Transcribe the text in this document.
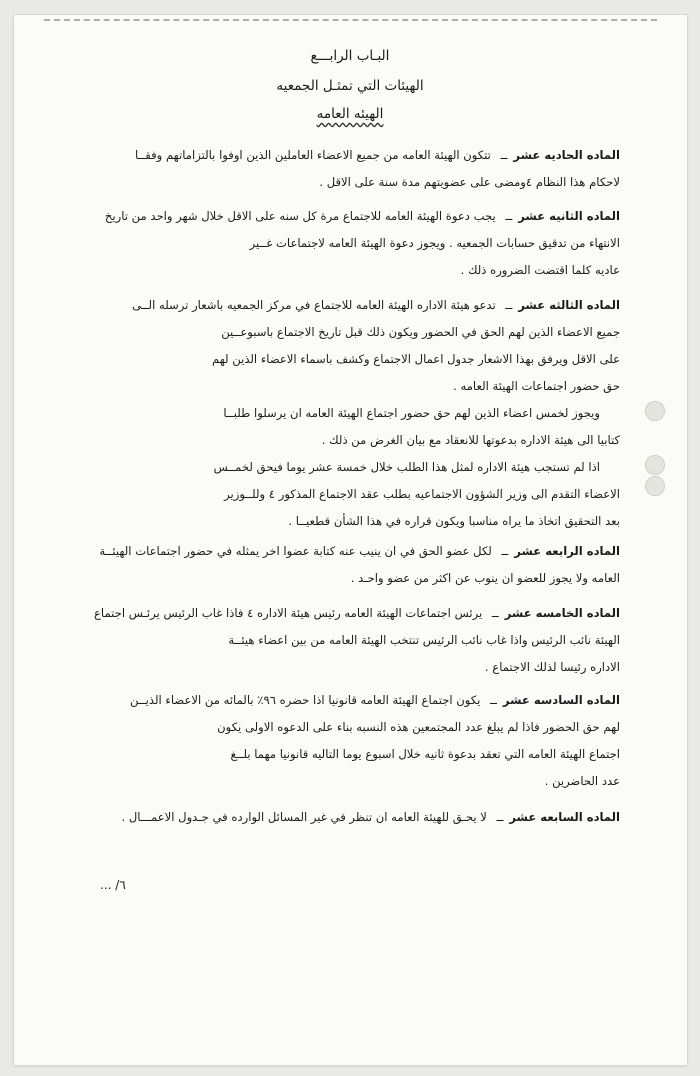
البـاب الرابـــع
الهيئات التي تمثـل الجمعيه
الهيئه العامه
الماده الحاديه عشرــ تتكون الهيئة العامه من جميع الاعضاء العاملين الذين اوفوا بالتزاماتهم وفقــا
لاحكام هذا النظام ٤ومضى على عضويتهم مدة سنة على الاقل .
الماده الثانيه عشرــ يجب دعوة الهيئة العامه للاجتماع مرة كل سنه على الاقل خلال شهر واحد من تاريخ
الانتهاء من تدقيق حسابات الجمعيه . ويجوز دعوة الهيئة العامه لاجتماعات غــير
عاديه كلما اقتضت الضروره ذلك .
الماده الثالثه عشرــ تدعو هيئة الاداره الهيئة العامه للاجتماع في مركز الجمعيه باشعار ترسله الــى
جميع الاعضاء الذين لهم الحق في الحضور ويكون ذلك قبل تاريخ الاجتماع باسبوعــين
على الاقل ويرفق بهذا الاشعار جدول اعمال الاجتماع وكشف باسماء الاعضاء الذين لهم
حق حضور اجتماعات الهيئة العامه .
ويجوز لخمس اعضاء الذين لهم حق حضور اجتماع الهيئة العامه ان يرسلوا طلبــا
كتابيا الى هيئة الاداره بدعوتها للانعقاد مع بيان الغرض من ذلك .
اذا لم تستجب هيئة الاداره لمثل هذا الطلب خلال خمسة عشر يوما فيحق لخمــس
الاعضاء التقدم الى وزير الشؤون الاجتماعيه بطلب عقد الاجتماع المذكور ٤ وللــوزير
بعد التحقيق اتخاذ ما يراه مناسبا ويكون قراره في هذا الشأن قطعيــا .
الماده الرابعه عشرــ لكل عضو الحق في ان ينيب عنه كتابة عضوا اخر يمثله في حضور اجتماعات الهيئــة
العامه ولا يجوز للعضو ان ينوب عن اكثر من عضو واحـد .
الماده الخامسه عشرــ يرئس اجتماعات الهيئة العامه رئيس هيئة الاداره ٤ فاذا غاب الرئيس يرئـس اجتماع
الهيئة نائب الرئيس واذا غاب نائب الرئيس تنتخب الهيئة العامه من بين اعضاء هيئــة
الاداره رئيسا لذلك الاجتماع .
الماده السادسه عشرــ يكون اجتماع الهيئة العامه قانونيا اذا حضره ٩٦٪ بالمائه من الاعضاء الذيــن
لهم حق الحضور فاذا لم يبلغ عدد المجتمعين هذه النسبه بناء على الدعوه الاولى يكون
اجتماع الهيئة العامه التي تعقد بدعوة ثانيه خلال اسبوع يوما التاليه قانونيا مهما بلــغ
عدد الحاضرين .
الماده السابعه عشرــ لا يحـق للهيئة العامه ان تنظر في غير المسائل الوارده في جـدول الاعمـــال .
٦/ ...
